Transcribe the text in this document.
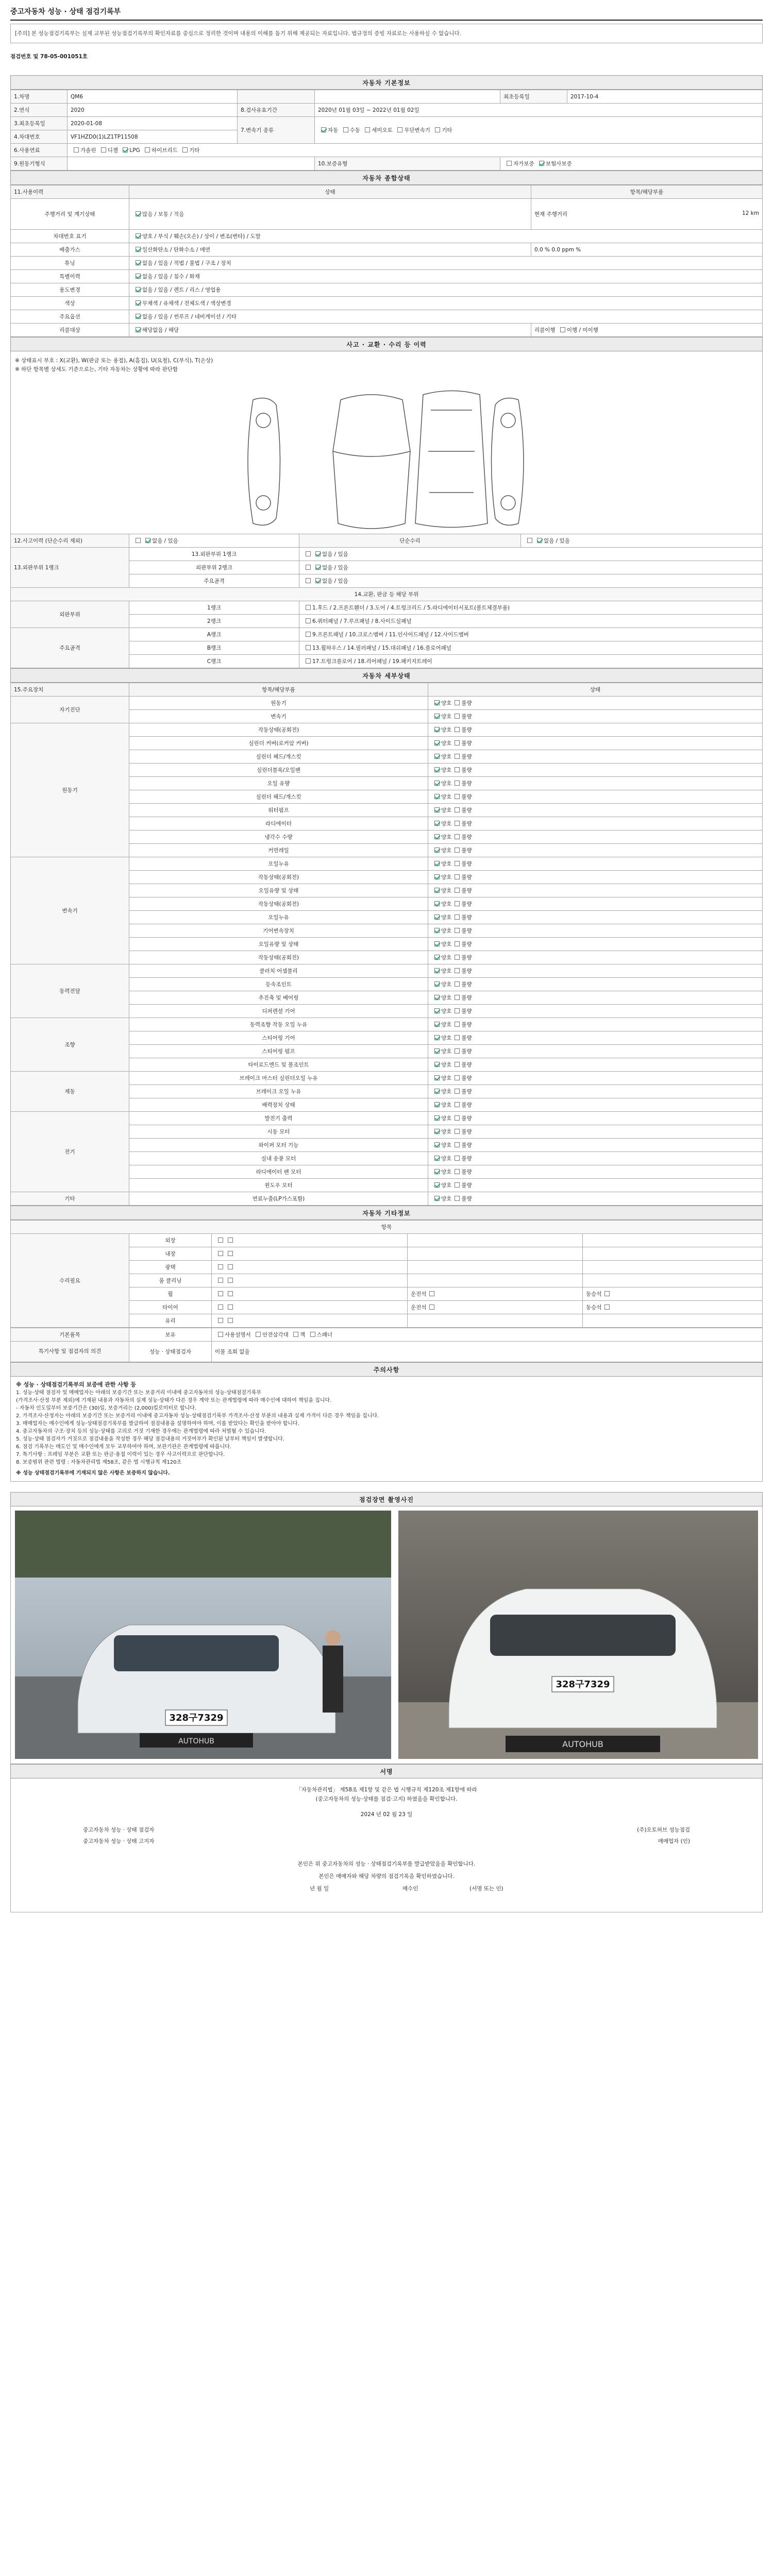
중고자동차 성능 · 상태 점검기록부
[주의] 본 성능점검기록부는 실제 교부된 성능점검기록부의 확인자료를 중심으로 정리한 것이며 내용의 이해를 돕기 위해 제공되는 자료입니다. 법규정의 증빙 자료로는 사용하실 수 없습니다.
점검번호 및 78-05-001051호
자동차 기본정보
1.차명	QM6			최초등록일	2017-10-4
2.연식	2020	8.검사유효기간	2020년 01월 03일 ~ 2022년 01월 02일		
3.최초등록일	2020-01-08	7.변속기 종류	자동 수동 세미오토 무단변속기 기타		
4.차대번호	VF1HZD0(1)LZ1TP11508				
6.사용연료	가솔린 디젤 LPG 하이브리드 기타				
9.원동기형식			10.보증유형	자가보증 보험사보증	
자동차 종합상태
11.사용이력	상태	항목/해당부품
주행거리 및 계기상태	많음 / 보통 / 적음	현재 주행거리 12 km

차대번호 표기	양호 / 부식 / 훼손(오손) / 상이 / 변조(변타) / 도말	
배출가스	일산화탄소 / 탄화수소 / 매연	0.0 % 0.0 ppm %
튜닝	없음 / 있음 / 적법 / 불법 / 구조 / 장치	
특별이력	없음 / 있음 / 침수 / 화재	
용도변경	없음 / 있음 / 렌트 / 리스 / 영업용	
색상	무채색 / 유채색 / 전체도색 / 색상변경	
주요옵션	없음 / 있음 / 썬루프 / 네비게이션 / 기타	
리콜대상	해당없음 / 해당	리콜이행 이행 / 미이행
사고 · 교환 · 수리 등 이력
※ 상태표시 부호 : X(교환), W(판금 또는 용접), A(흠집), U(요철), C(부식), T(손상)
※ 하단 항목별 상세도 기준으로는, 기타 자동차는 상황에 따라 판단함
12.사고이력 (단순수리 제외)	없음 / 있음	단순수리	없음 / 있음
13.외판부위 1랭크	13.외판부위 1랭크	없음 / 있음	
	외판부위 2랭크	없음 / 있음	
	주요골격	없음 / 있음	
14.교환, 판금 등 해당 부위			
외판부위	1랭크	1.후드 / 2.프론트휀더 / 3.도어 / 4.트렁크리드 / 5.라디에이터서포트(볼트체결부품)	
	2랭크	6.쿼터패널 / 7.루프패널 / 8.사이드실패널	
주요골격	A랭크	9.프론트패널 / 10.크로스멤버 / 11.인사이드패널 / 12.사이드멤버	
	B랭크	13.휠하우스 / 14.필러패널 / 15.대쉬패널 / 16.플로어패널	
	C랭크	17.트렁크플로어 / 18.리어패널 / 19.패키지트레이	
자동차 세부상태
15.주요장치	항목/해당부품	상태
자기진단	원동기	양호 불량
	변속기	양호 불량
원동기	작동상태(공회전)	양호 불량
	실린더 커버(로커암 커버)	양호 불량
	실린더 헤드/개스킷	양호 불량
	실린더블록/오일팬	양호 불량
	오일 유량	양호 불량
	실린더 헤드/개스킷	양호 불량
	워터펌프	양호 불량
	라디에이터	양호 불량
	냉각수 수량	양호 불량
	커먼레일	양호 불량
변속기	오일누유	양호 불량
	작동상태(공회전)	양호 불량
	오일유량 및 상태	양호 불량
	작동상태(공회전)	양호 불량
	오일누유	양호 불량
	기어변속장치	양호 불량
	오일유량 및 상태	양호 불량
	작동상태(공회전)	양호 불량
동력전달	클러치 어셈블리	양호 불량
	등속조인트	양호 불량
	추진축 및 베어링	양호 불량
	디퍼렌셜 기어	양호 불량
조향	동력조향 작동 오일 누유	양호 불량
	스티어링 기어	양호 불량
	스티어링 펌프	양호 불량
	타이로드엔드 및 볼조인트	양호 불량
제동	브레이크 마스터 실린더오일 누유	양호 불량
	브레이크 오일 누유	양호 불량
	배력장치 상태	양호 불량
전기	발전기 출력	양호 불량
	시동 모터	양호 불량
	와이퍼 모터 기능	양호 불량
	실내 송풍 모터	양호 불량
	라디에이터 팬 모터	양호 불량
	윈도우 모터	양호 불량
기타	연료누출(LP가스포함)	양호 불량
자동차 기타정보
항목				
수리필요	외장			
	내장			
	광택			
	룸 클리닝			
	휠		운전석	동승석
	타이어		운전석	동승석
	유리			
기본품목	보유	사용설명서 안전삼각대 잭 스패너
특기사항 및 점검자의 의견	성능 · 상태점검자	이물 조회 없음
주의사항
※ 성능 · 상태점검기록부의 보증에 관한 사항 등
1. 성능·상태 점검자 및 매매업자는 아래의 보증기간 또는 보증거리 이내에 중고자동차의 성능·상태점검기록부
(가격조사·산정 부분 제외)에 기재된 내용과 자동차의 실제 성능·상태가 다른 경우 계약 또는 관계법령에 따라 매수인에 대하여 책임을 집니다.
- 자동차 인도일부터 보증기간은 (30)일, 보증거리는 (2,000)킬로미터로 합니다.
2. 가격조사·산정자는 아래의 보증기간 또는 보증거리 이내에 중고자동차 성능·상태점검기록부 가격조사·산정 부분의 내용과 실제 가격이 다른 경우 책임을 집니다.
3. 매매업자는 매수인에게 성능·상태점검기록부를 발급하여 점검내용을 설명하여야 하며, 이를 받았다는 확인을 받아야 합니다.
4. 중고자동차의 구조·장치 등의 성능·상태를 고의로 거짓 기재한 경우에는 관계법령에 따라 처벌될 수 있습니다.
5. 성능·상태 점검자가 거짓으로 점검내용을 작성한 경우 해당 점검내용의 거짓여부가 확인된 날부터 책임이 발생합니다.
6. 점검 기록부는 매도인 및 매수인에게 모두 교부하여야 하며, 보관기관은 관계법령에 따릅니다.
7. 특기사항 : 프레임 부분은 교환 또는 판금·용접 이력이 있는 경우 사고이력으로 판단합니다.
8. 보증범위 관련 법령 : 자동차관리법 제58조, 같은 법 시행규칙 제120조
※ 성능 상태점검기록부에 기재되지 않은 사항은 보증하지 않습니다.
점검장면 촬영사진
328구7329
AUTOHUB
328구7329
AUTOHUB
서명
「자동차관리법」 제58조 제1항 및 같은 법 시행규칙 제120조 제1항에 따라
(중고자동차의 성능·상태를 점검·고지) 하였음을 확인합니다.
2024 년 02 월 23 일
중고자동차 성능 · 상태 점검자	(주)오토허브 성능점검
중고자동차 성능 · 상태 고지자	매매업자 (인)
본인은 위 중고자동차의 성능 · 상태점검기록부를 발급받았음을 확인합니다.
본인은 매매자와 해당 차량의 점검기록을 확인하였습니다.
년 월 일	매수인	(서명 또는 인)
